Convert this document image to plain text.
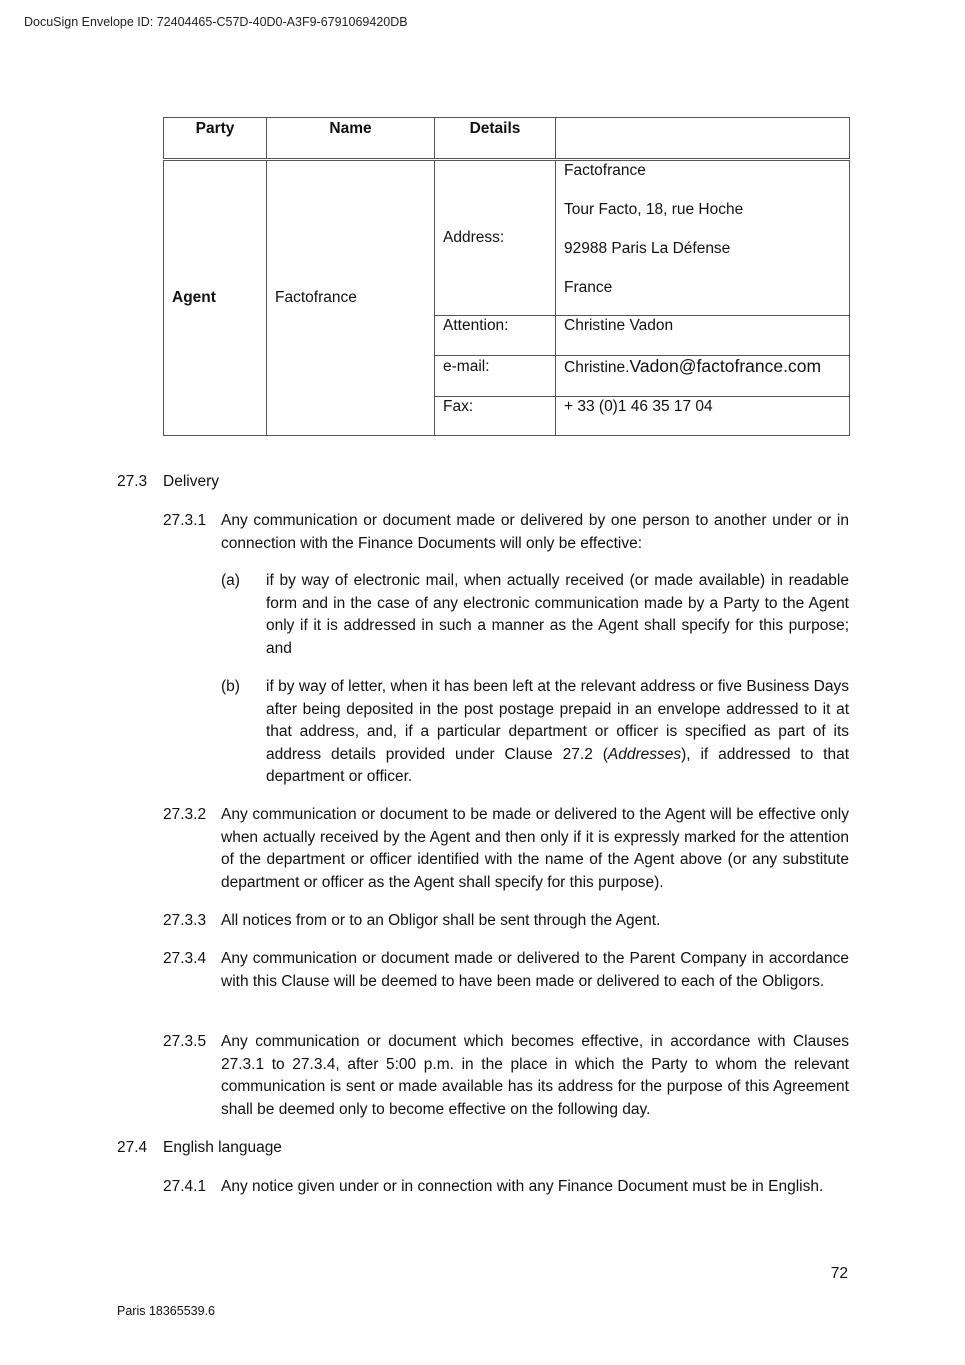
DocuSign Envelope ID: 72404465-C57D-40D0-A3F9-6791069420DB
Party	Name	Details	
Agent	Factofrance	Address:	Factofrance
Tour Facto, 18, rue Hoche
92988 Paris La Défense
France

		Attention:	Christine Vadon
		e-mail:	Christine.Vadon@factofrance.com
		Fax:	+ 33 (0)1 46 35 17 04
27.3 Delivery
27.3.1 Any communication or document made or delivered by one person to another under or in connection with the Finance Documents will only be effective:
(a) if by way of electronic mail, when actually received (or made available) in readable form and in the case of any electronic communication made by a Party to the Agent only if it is addressed in such a manner as the Agent shall specify for this purpose; and
(b) if by way of letter, when it has been left at the relevant address or five Business Days after being deposited in the post postage prepaid in an envelope addressed to it at that address, and, if a particular department or officer is specified as part of its address details provided under Clause 27.2 (Addresses), if addressed to that department or officer.
27.3.2 Any communication or document to be made or delivered to the Agent will be effective only when actually received by the Agent and then only if it is expressly marked for the attention of the department or officer identified with the name of the Agent above (or any substitute department or officer as the Agent shall specify for this purpose).
27.3.3 All notices from or to an Obligor shall be sent through the Agent.
27.3.4 Any communication or document made or delivered to the Parent Company in accordance with this Clause will be deemed to have been made or delivered to each of the Obligors.
27.3.5 Any communication or document which becomes effective, in accordance with Clauses 27.3.1 to 27.3.4, after 5:00 p.m. in the place in which the Party to whom the relevant communication is sent or made available has its address for the purpose of this Agreement shall be deemed only to become effective on the following day.
27.4 English language
27.4.1 Any notice given under or in connection with any Finance Document must be in English.
72
Paris 18365539.6
